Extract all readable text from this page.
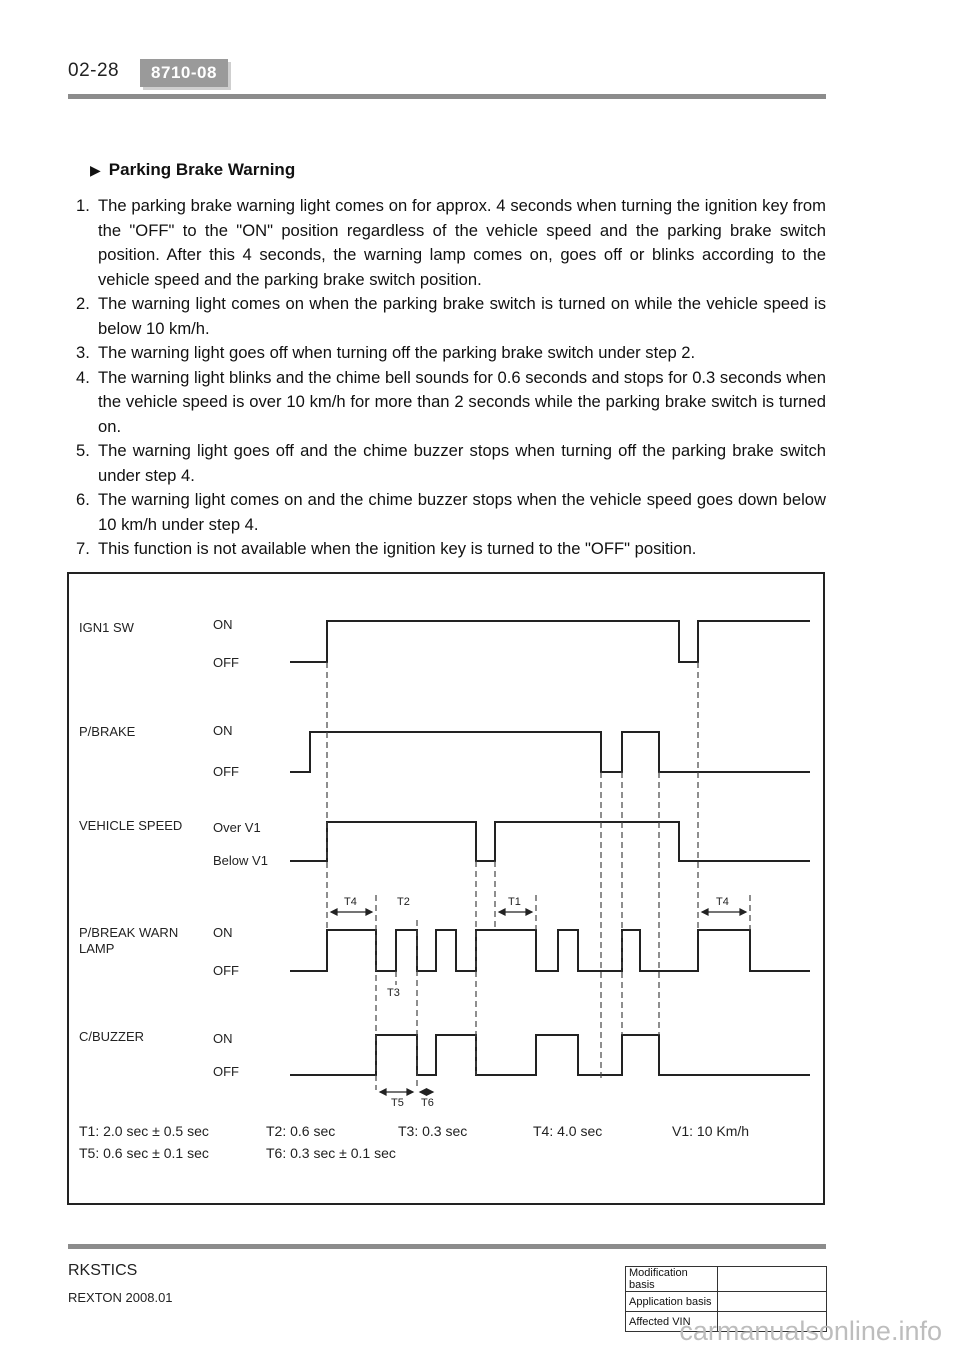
02-28	8710-08
▶ Parking Brake Warning
1. The parking brake warning light comes on for approx. 4 seconds when turning the ignition key from the "OFF" to the "ON" position regardless of the vehicle speed and the parking brake switch position. After this 4 seconds, the warning lamp comes on, goes off or blinks according to the vehicle speed and the parking brake switch position.
2. The warning light comes on when the parking brake switch is turned on while the vehicle speed is below 10 km/h.
3. The warning light goes off when turning off the parking brake switch under step 2.
4. The warning light blinks and the chime bell sounds for 0.6 seconds and stops for 0.3 seconds when the vehicle speed is over 10 km/h for more than 2 seconds while the parking brake switch is turned on.
5. The warning light goes off and the chime buzzer stops when turning off the parking brake switch under step 4.
6. The warning light comes on and the chime buzzer stops when the vehicle speed goes down below 10 km/h under step 4.
7. This function is not available when the ignition key is turned to the "OFF" position.
IGN1 SW	ON
OFF
P/BRAKE	ON
OFF
VEHICLE SPEED Over V1
Below V1
P/BREAK WARN
LAMP
ON
OFF
C/BUZZER	ON
OFF
T4	T2	T1	T4
T3
T5 T6
T1: 2.0 sec ± 0.5 sec	T2: 0.6 sec	T3: 0.3 sec	T4: 4.0 sec	V1: 10 Km/h
T5: 0.6 sec ± 0.1 sec	T6: 0.3 sec ± 0.1 sec
RKSTICS
REXTON 2008.01
Modification basis	
Application basis	
Affected VIN	
carmanualsonline.info
